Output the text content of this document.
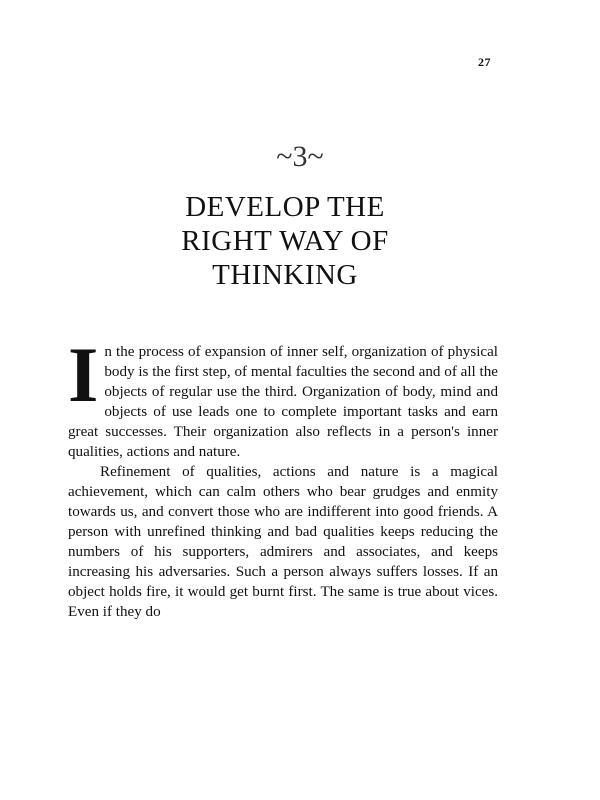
27
~3~
DEVELOP THE
RIGHT WAY OF
THINKING

In the process of expansion of inner self, organization of physical body is the first step, of mental faculties the second and of all the objects of regular use the third. Organization of body, mind and objects of use leads one to complete important tasks and earn great successes. Their organization also reflects in a person's inner qualities, actions and nature.

Refinement of qualities, actions and nature is a magical achievement, which can calm others who bear grudges and enmity towards us, and convert those who are indifferent into good friends. A person with unrefined thinking and bad qualities keeps reducing the numbers of his supporters, admirers and associates, and keeps increasing his adversaries. Such a person always suffers losses. If an object holds fire, it would get burnt first. The same is true about vices. Even if they do
